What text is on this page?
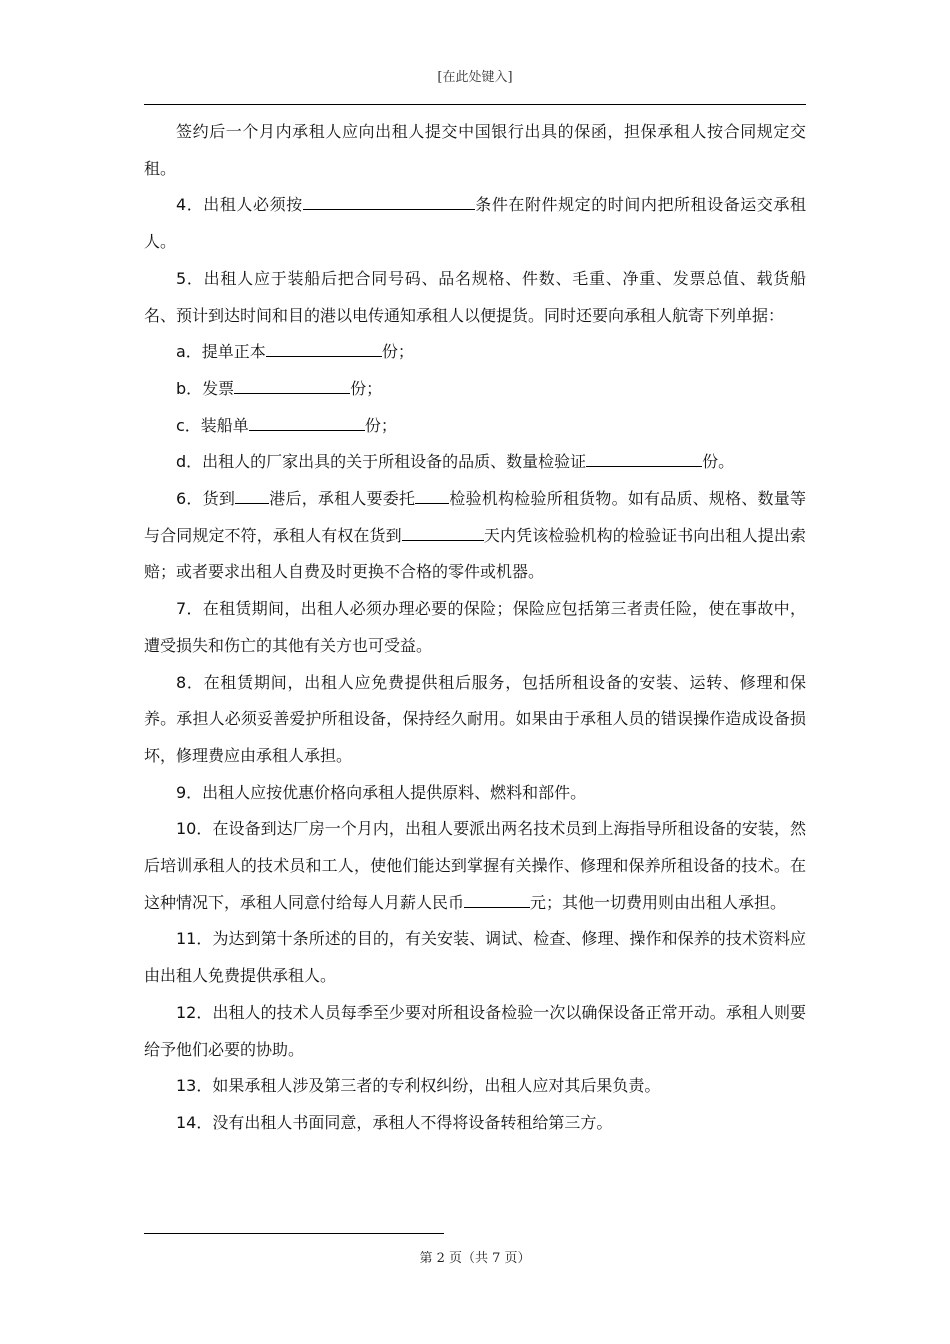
[在此处键入]

签约后一个月内承租人应向出租人提交中国银行出具的保函，担保承租人按合同规定交租。

4．出租人必须按	条件在附件规定的时间内把所租设备运交承租人。

5．出租人应于装船后把合同号码、品名规格、件数、毛重、净重、发票总值、载货船名、预计到达时间和目的港以电传通知承租人以便提货。同时还要向承租人航寄下列单据：

a．提单正本	份；

b．发票	份；

c．装船单	份；

d．出租人的厂家出具的关于所租设备的品质、数量检验证	份。

6．货到 港后，承租人要委托 检验机构检验所租货物。如有品质、规格、数量等与合同规定不符，承租人有权在货到	天内凭该检验机构的检验证书向出租人提出索赔；或者要求出租人自费及时更换不合格的零件或机器。

7．在租赁期间，出租人必须办理必要的保险；保险应包括第三者责任险，使在事故中，遭受损失和伤亡的其他有关方也可受益。

8．在租赁期间，出租人应免费提供租后服务，包括所租设备的安装、运转、修理和保养。承担人必须妥善爱护所租设备，保持经久耐用。如果由于承租人员的错误操作造成设备损坏，修理费应由承租人承担。

9．出租人应按优惠价格向承租人提供原料、燃料和部件。

10．在设备到达厂房一个月内，出租人要派出两名技术员到上海指导所租设备的安装，然后培训承租人的技术员和工人，使他们能达到掌握有关操作、修理和保养所租设备的技术。在这种情况下，承租人同意付给每人月薪人民币	元；其他一切费用则由出租人承担。

11．为达到第十条所述的目的，有关安装、调试、检查、修理、操作和保养的技术资料应由出租人免费提供承租人。

12．出租人的技术人员每季至少要对所租设备检验一次以确保设备正常开动。承租人则要给予他们必要的协助。

13．如果承租人涉及第三者的专利权纠纷，出租人应对其后果负责。

14．没有出租人书面同意，承租人不得将设备转租给第三方。

第 2 页（共 7 页）
